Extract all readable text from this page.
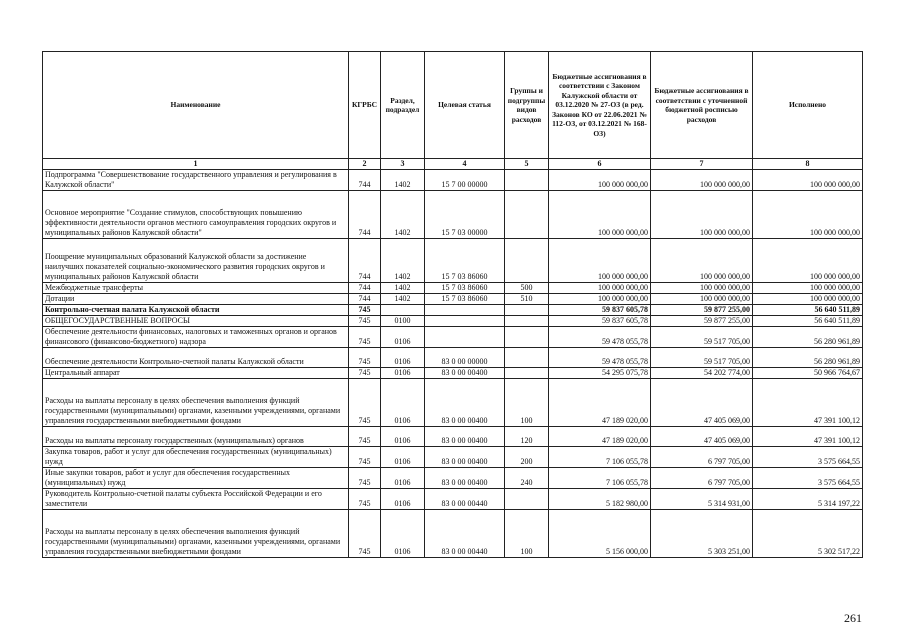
Наименование	КГРБС	Раздел, подраздел	Целевая статья	Группы и подгруппы видов расходов	Бюджетные ассигнования в соответствии с Законом Калужской области от 03.12.2020 № 27-ОЗ (в ред. Законов КО от 22.06.2021 № 112-ОЗ, от 03.12.2021 № 168-ОЗ)	Бюджетные ассигнования в соответствии с уточненной бюджетной росписью расходов	Исполнено
1	2	3	4	5	6	7	8
Подпрограмма "Совершенствование государственного управления и регулирования в Калужской области"	744	1402	15 7 00 00000		100 000 000,00	100 000 000,00	100 000 000,00
Основное мероприятие "Создание стимулов, способствующих повышению эффективности деятельности органов местного самоуправления городских округов и муниципальных районов Калужской области"	744	1402	15 7 03 00000		100 000 000,00	100 000 000,00	100 000 000,00
Поощрение муниципальных образований Калужской области за достижение наилучших показателей социально-экономического развития городских округов и муниципальных районов Калужской области	744	1402	15 7 03 86060		100 000 000,00	100 000 000,00	100 000 000,00
Межбюджетные трансферты	744	1402	15 7 03 86060	500	100 000 000,00	100 000 000,00	100 000 000,00
Дотации	744	1402	15 7 03 86060	510	100 000 000,00	100 000 000,00	100 000 000,00
Контрольно-счетная палата Калужской области	745				59 837 605,78	59 877 255,00	56 640 511,89
ОБЩЕГОСУДАРСТВЕННЫЕ ВОПРОСЫ	745	0100			59 837 605,78	59 877 255,00	56 640 511,89
Обеспечение деятельности финансовых, налоговых и таможенных органов и органов финансового (финансово-бюджетного) надзора	745	0106			59 478 055,78	59 517 705,00	56 280 961,89
Обеспечение деятельности Контрольно-счетной палаты Калужской области	745	0106	83 0 00 00000		59 478 055,78	59 517 705,00	56 280 961,89
Центральный аппарат	745	0106	83 0 00 00400		54 295 075,78	54 202 774,00	50 966 764,67
Расходы на выплаты персоналу в целях обеспечения выполнения функций государственными (муниципальными) органами, казенными учреждениями, органами управления государственными внебюджетными фондами	745	0106	83 0 00 00400	100	47 189 020,00	47 405 069,00	47 391 100,12
Расходы на выплаты персоналу государственных (муниципальных) органов	745	0106	83 0 00 00400	120	47 189 020,00	47 405 069,00	47 391 100,12
Закупка товаров, работ и услуг для обеспечения государственных (муниципальных) нужд	745	0106	83 0 00 00400	200	7 106 055,78	6 797 705,00	3 575 664,55
Иные закупки товаров, работ и услуг для обеспечения государственных (муниципальных) нужд	745	0106	83 0 00 00400	240	7 106 055,78	6 797 705,00	3 575 664,55
Руководитель Контрольно-счетной палаты субъекта Российской Федерации и его заместители	745	0106	83 0 00 00440		5 182 980,00	5 314 931,00	5 314 197,22
Расходы на выплаты персоналу в целях обеспечения выполнения функций государственными (муниципальными) органами, казенными учреждениями, органами управления государственными внебюджетными фондами	745	0106	83 0 00 00440	100	5 156 000,00	5 303 251,00	5 302 517,22
261
